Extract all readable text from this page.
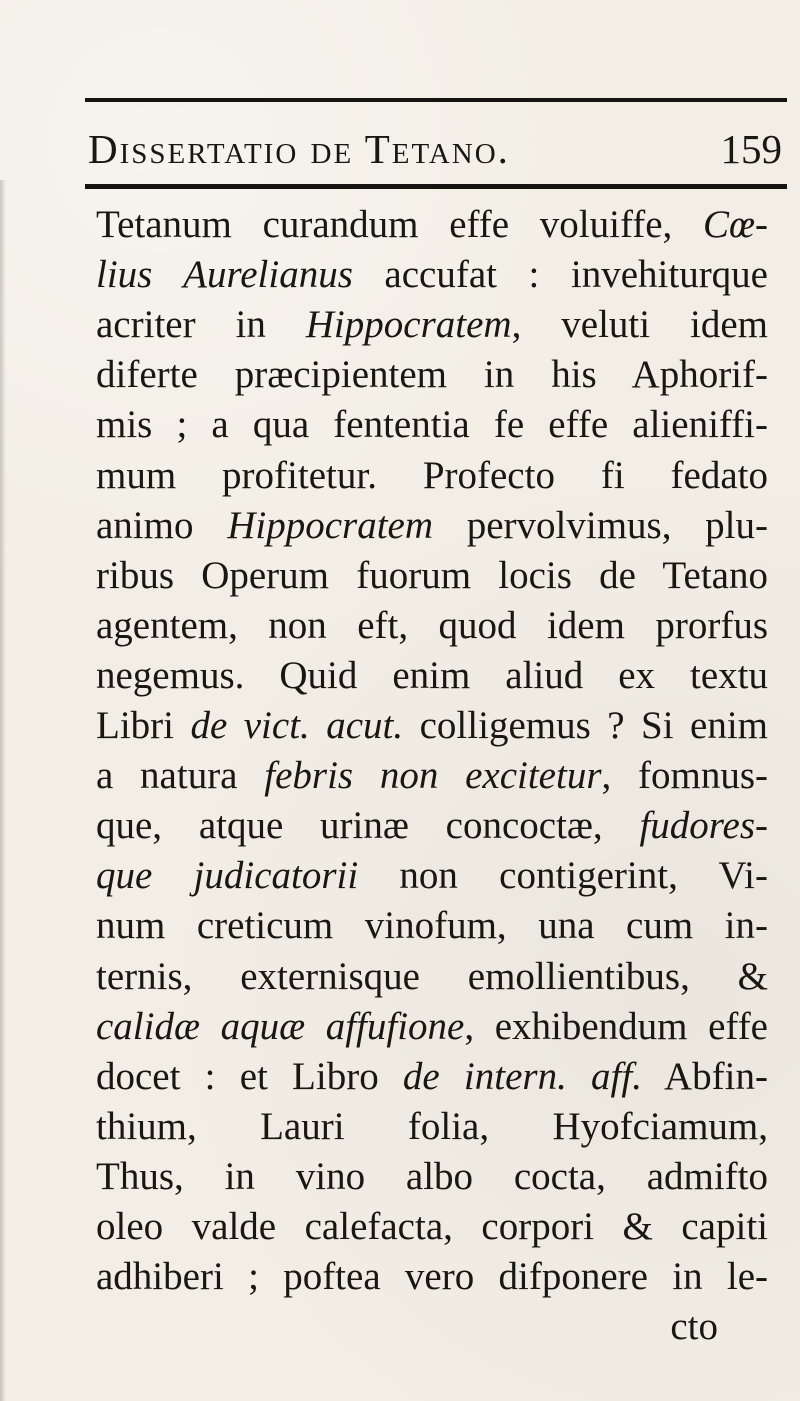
Dissertatio de Tetano.	159
Tetanum curandum effe voluiffe, Cœ-
lius Aurelianus accufat : invehiturque
acriter in Hippocratem, veluti idem
diferte præcipientem in his Aphorif-
mis ; a qua fententia fe effe alieniffi-
mum profitetur. Profecto fi fedato
animo Hippocratem pervolvimus, plu-
ribus Operum fuorum locis de Tetano
agentem, non eft, quod idem prorfus
negemus. Quid enim aliud ex textu
Libri de vict. acut. colligemus ? Si enim
a natura febris non excitetur, fomnus-
que, atque urinæ concoctæ, fudores-
que judicatorii non contigerint, Vi-
num creticum vinofum, una cum in-
ternis, externisque emollientibus, &
calidæ aquæ affufione, exhibendum effe
docet : et Libro de intern. aff. Abfin-
thium, Lauri folia, Hyofciamum,
Thus, in vino albo cocta, admifto
oleo valde calefacta, corpori & capiti
adhiberi ; poftea vero difponere in le-
cto
